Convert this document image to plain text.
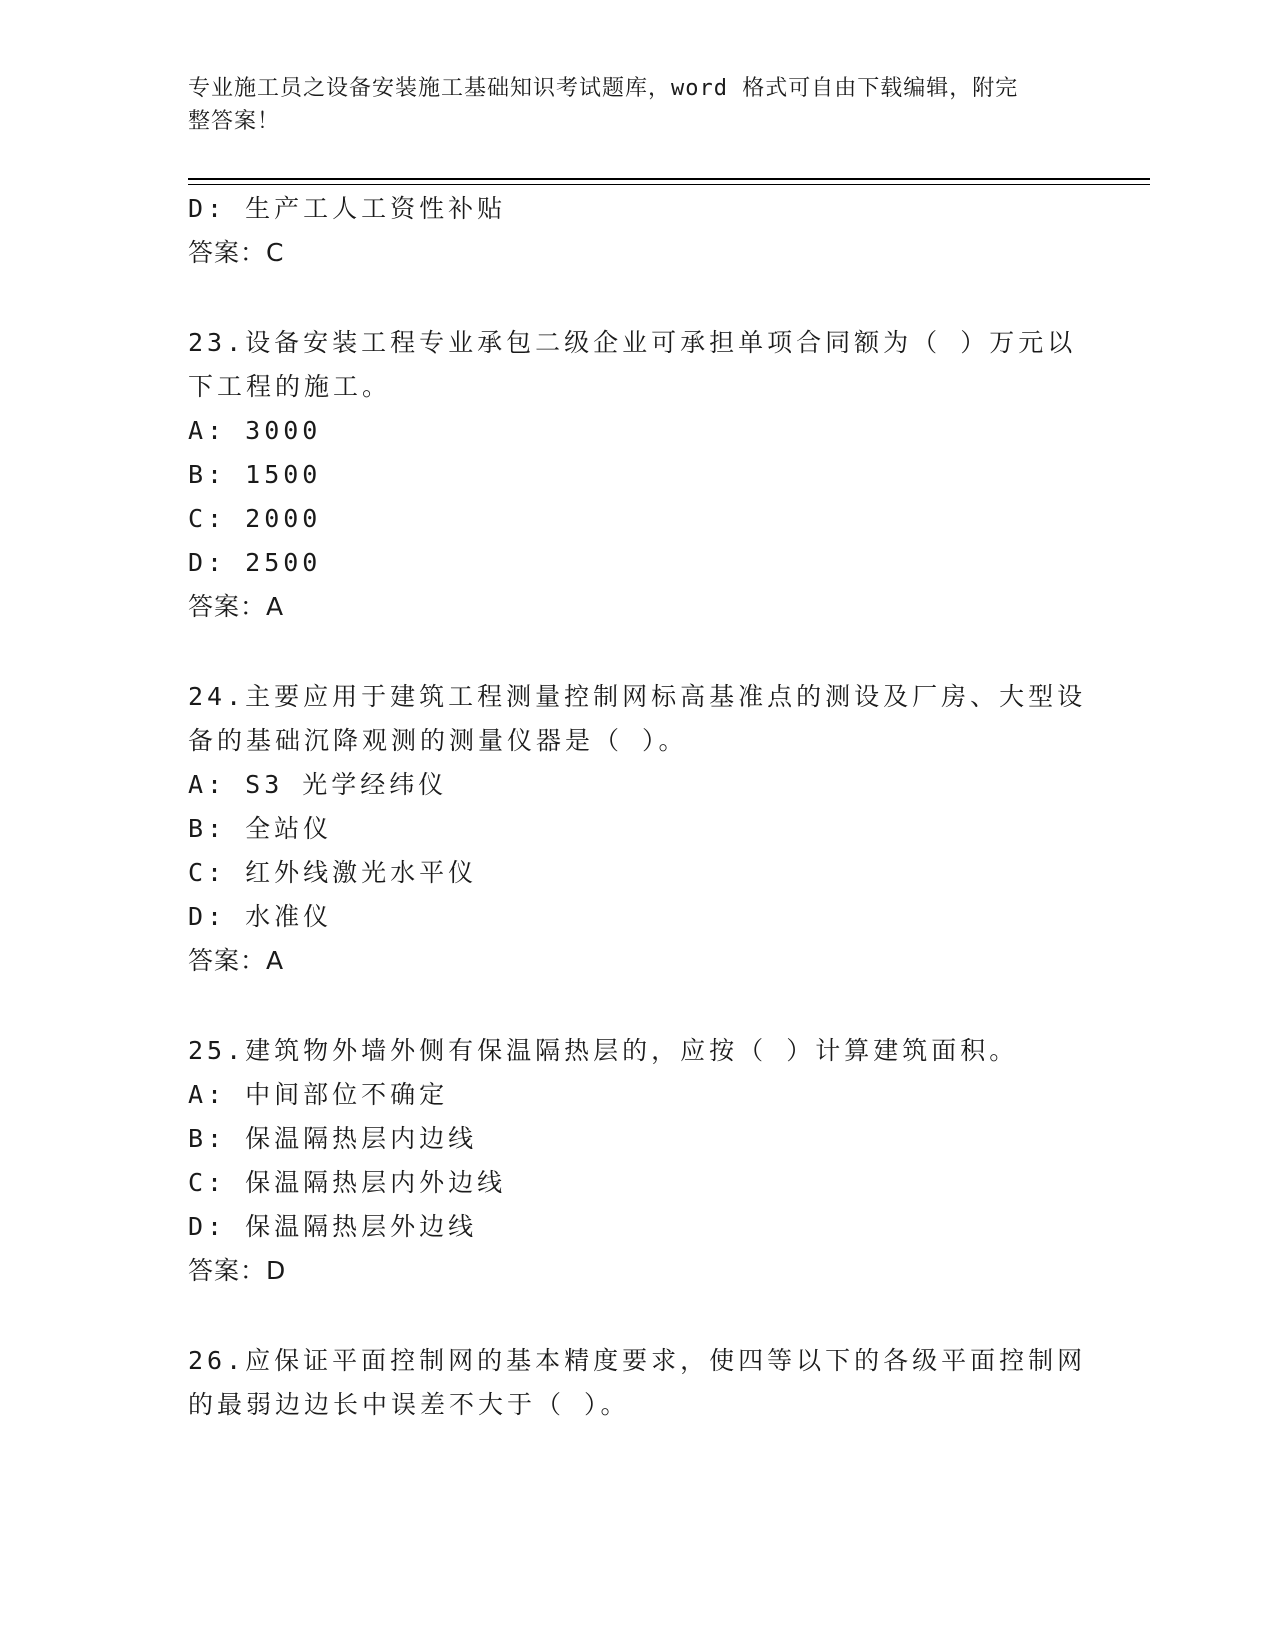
专业施工员之设备安装施工基础知识考试题库，word 格式可自由下载编辑，附完
整答案！
D: 生产工人工资性补贴
答案：C
23.设备安装工程专业承包二级企业可承担单项合同额为（ ）万元以
下工程的施工。
A: 3000
B: 1500
C: 2000
D: 2500
答案：A
24.主要应用于建筑工程测量控制网标高基准点的测设及厂房、大型设
备的基础沉降观测的测量仪器是（ ）。
A: S3 光学经纬仪
B: 全站仪
C: 红外线激光水平仪
D: 水准仪
答案：A
25.建筑物外墙外侧有保温隔热层的，应按（ ）计算建筑面积。
A: 中间部位不确定
B: 保温隔热层内边线
C: 保温隔热层内外边线
D: 保温隔热层外边线
答案：D
26.应保证平面控制网的基本精度要求，使四等以下的各级平面控制网
的最弱边边长中误差不大于（ ）。
